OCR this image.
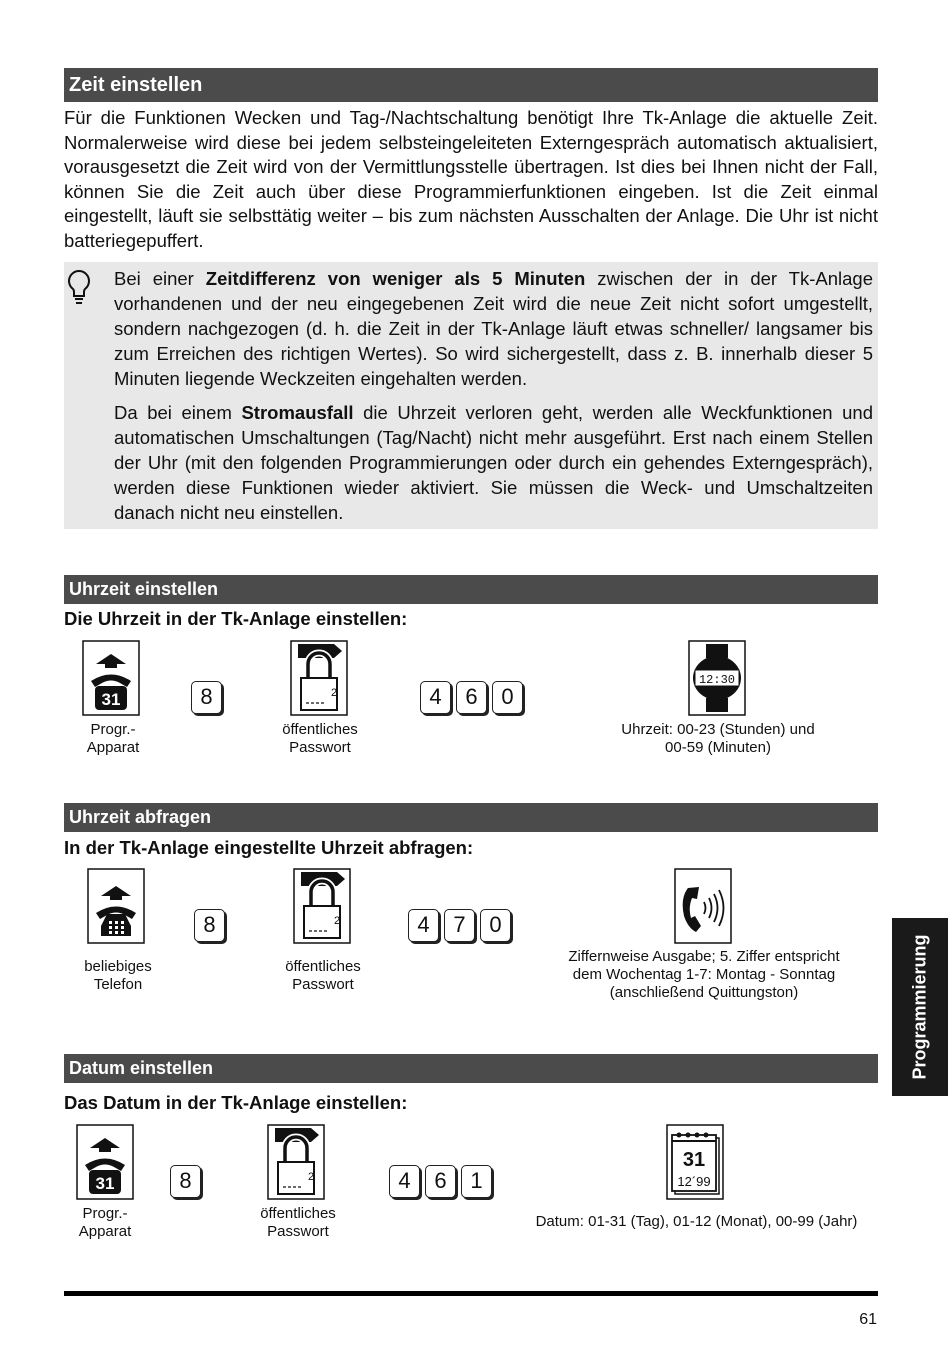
Zeit einstellen

Für die Funktionen Wecken und Tag-/Nachtschaltung benötigt Ihre Tk-Anlage die aktuelle Zeit. Normalerweise wird diese bei jedem selbsteingeleiteten Externgespräch automatisch aktualisiert, vorausgesetzt die Zeit wird von der Vermittlungsstelle übertragen. Ist dies bei Ihnen nicht der Fall, können Sie die Zeit auch über diese Programmierfunktionen eingeben. Ist die Zeit einmal eingestellt, läuft sie selbsttätig weiter – bis zum nächsten Ausschalten der Anlage. Die Uhr ist nicht batteriegepuffert.

Bei einer Zeitdifferenz von weniger als 5 Minuten zwischen der in der Tk-Anlage vorhandenen und der neu eingegebenen Zeit wird die neue Zeit nicht sofort umgestellt, sondern nachgezogen (d. h. die Zeit in der Tk-Anlage läuft etwas schneller/ langsamer bis zum Erreichen des richtigen Wertes). So wird sichergestellt, dass z. B. innerhalb dieser 5 Minuten liegende Weckzeiten eingehalten werden.

Da bei einem Stromausfall die Uhrzeit verloren geht, werden alle Weckfunktionen und automatischen Umschaltungen (Tag/Nacht) nicht mehr ausgeführt. Erst nach einem Stellen der Uhr (mit den folgenden Programmierungen oder durch ein gehendes Externgespräch), werden diese Funktionen wieder aktiviert. Sie müssen die Weck- und Umschaltzeiten danach nicht neu einstellen.

Uhrzeit einstellen
Die Uhrzeit in der Tk-Anlage einstellen:
31
Progr.-
Apparat
8	2
öffentliches
Passwort
4	6	0
12:30
Uhrzeit: 00-23 (Stunden) und
00-59 (Minuten)
Uhrzeit abfragen
In der Tk-Anlage eingestellte Uhrzeit abfragen:
beliebiges
Telefon
8	2
öffentliches
Passwort
4	7	0
Ziffernweise Ausgabe; 5. Ziffer entspricht
dem Wochentag 1-7: Montag - Sonntag
(anschließend Quittungston)
Datum einstellen
Das Datum in der Tk-Anlage einstellen:
31
Progr.-
Apparat
8	2
öffentliches
Passwort
4	6	1
31
12´99
Datum: 01-31 (Tag), 01-12 (Monat), 00-99 (Jahr)
Programmierung
61
